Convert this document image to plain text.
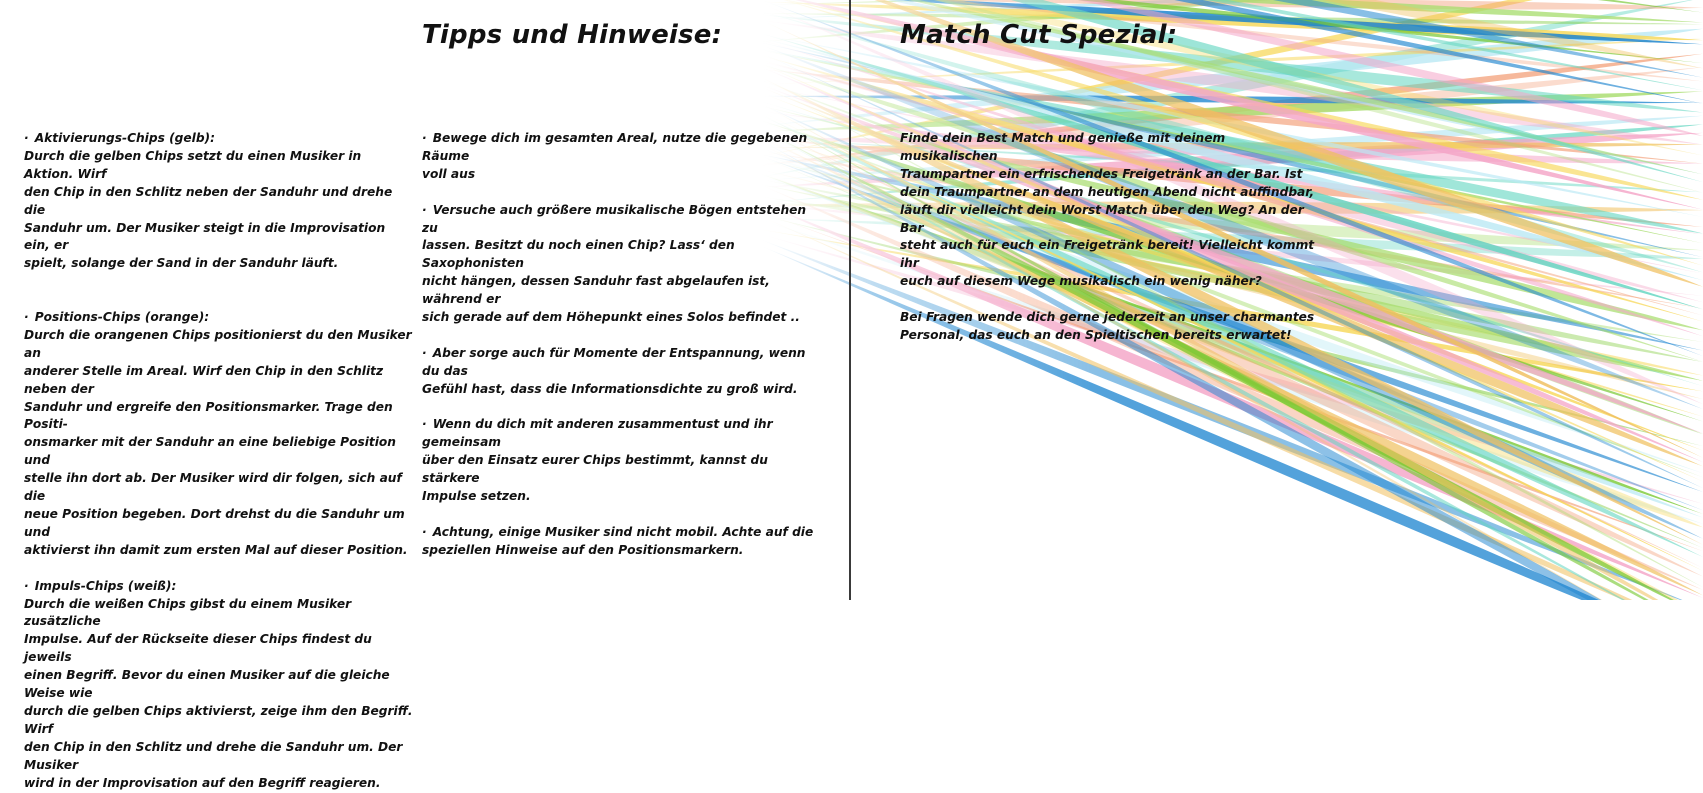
Tipps und Hinweise:

· Aktivierungs-Chips (gelb):

Durch die gelben Chips setzt du einen Musiker in Aktion. Wirf
den Chip in den Schlitz neben der Sanduhr und drehe die
Sanduhr um. Der Musiker steigt in die Improvisation ein, er
spielt, solange der Sand in der Sanduhr läuft.

· Positions-Chips (orange):

Durch die orangenen Chips positionierst du den Musiker an
anderer Stelle im Areal. Wirf den Chip in den Schlitz neben der
Sanduhr und ergreife den Positionsmarker. Trage den Positi-
onsmarker mit der Sanduhr an eine beliebige Position und
stelle ihn dort ab. Der Musiker wird dir folgen, sich auf die
neue Position begeben. Dort drehst du die Sanduhr um und
aktivierst ihn damit zum ersten Mal auf dieser Position.

· Impuls-Chips (weiß):

Durch die weißen Chips gibst du einem Musiker zusätzliche
Impulse. Auf der Rückseite dieser Chips findest du jeweils
einen Begriff. Bevor du einen Musiker auf die gleiche Weise wie
durch die gelben Chips aktivierst, zeige ihm den Begriff. Wirf
den Chip in den Schlitz und drehe die Sanduhr um. Der Musiker
wird in der Improvisation auf den Begriff reagieren.

· Bewege dich im gesamten Areal, nutze die gegebenen Räume
voll aus

· Versuche auch größere musikalische Bögen entstehen zu
lassen. Besitzt du noch einen Chip? Lass‘ den Saxophonisten
nicht hängen, dessen Sanduhr fast abgelaufen ist, während er
sich gerade auf dem Höhepunkt eines Solos befindet ..

· Aber sorge auch für Momente der Entspannung, wenn du das
Gefühl hast, dass die Informationsdichte zu groß wird.

· Wenn du dich mit anderen zusammentust und ihr gemeinsam
über den Einsatz eurer Chips bestimmt, kannst du stärkere
Impulse setzen.

· Achtung, einige Musiker sind nicht mobil. Achte auf die
speziellen Hinweise auf den Positionsmarkern.

Match Cut Spezial:

Finde dein Best Match und genieße mit deinem musikalischen
Traumpartner ein erfrischendes Freigetränk an der Bar. Ist
dein Traumpartner an dem heutigen Abend nicht auffindbar,
läuft dir vielleicht dein Worst Match über den Weg? An der Bar
steht auch für euch ein Freigetränk bereit! Vielleicht kommt ihr
euch auf diesem Wege musikalisch ein wenig näher?

Bei Fragen wende dich gerne jederzeit an unser charmantes
Personal, das euch an den Spieltischen bereits erwartet!
